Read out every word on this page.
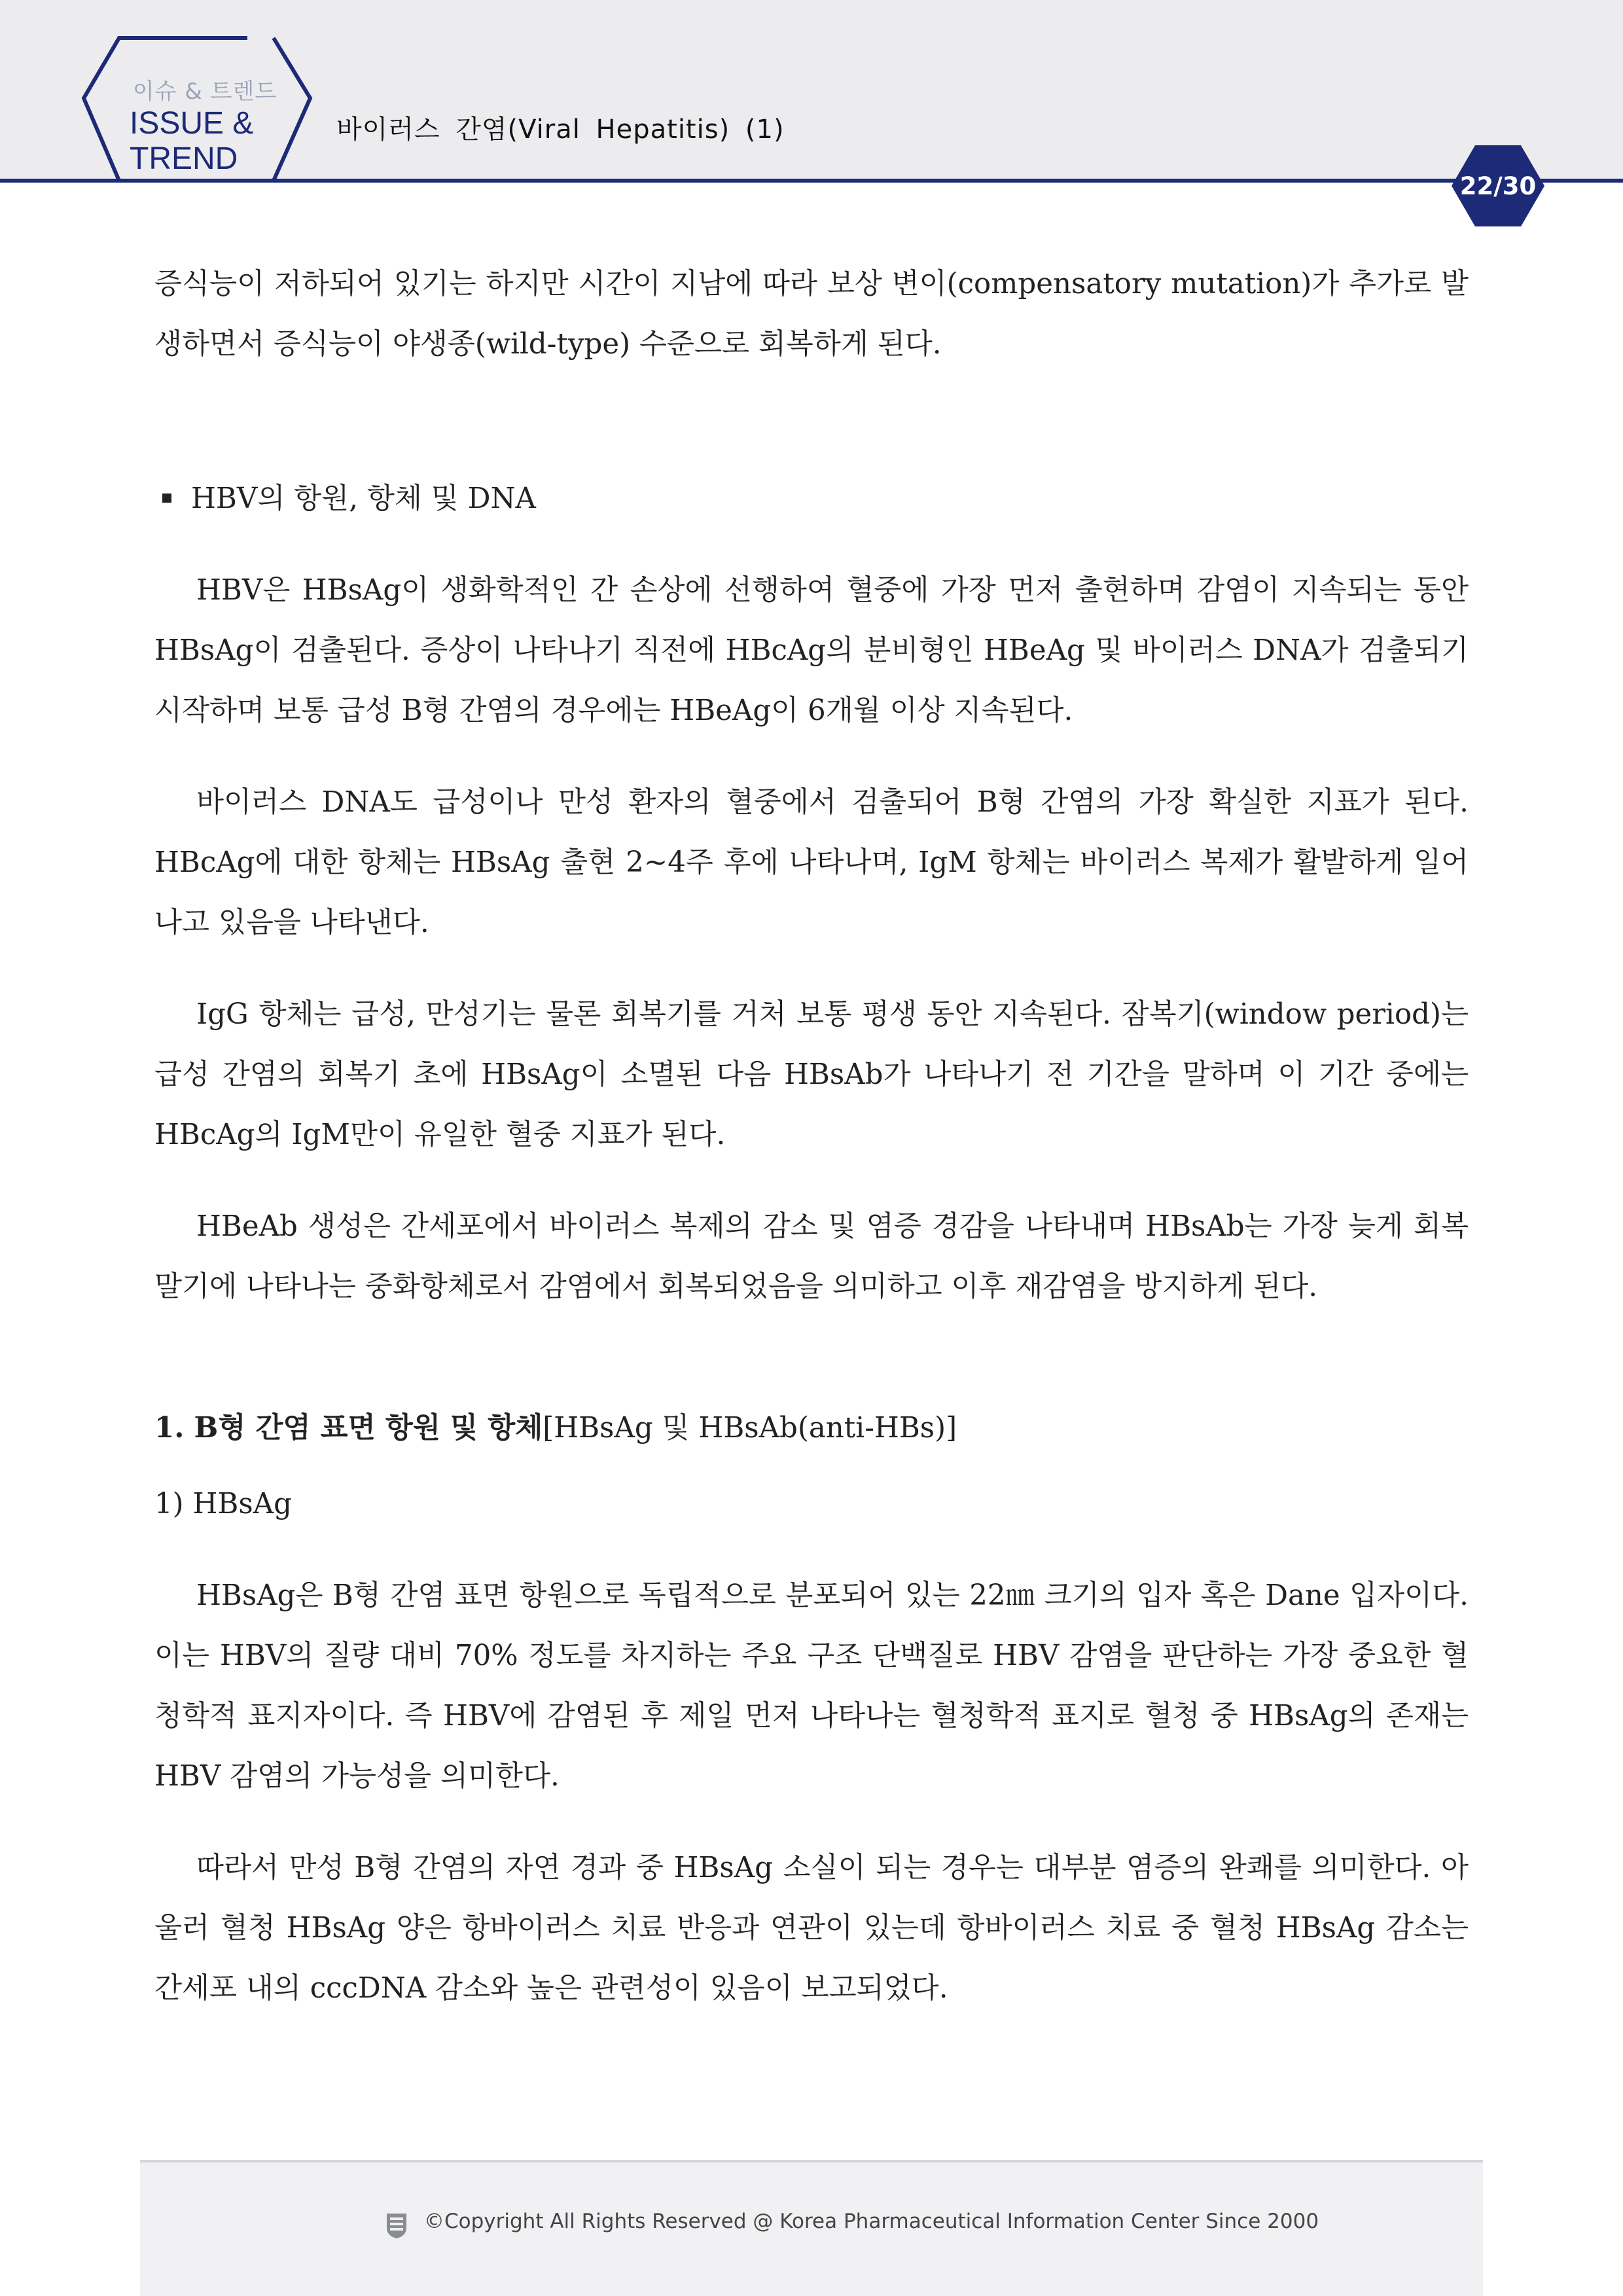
이슈 & 트렌드
ISSUE &
TREND
바이러스 간염(Viral Hepatitis) (1)
22/30

증식능이 저하되어 있기는 하지만 시간이 지남에 따라 보상 변이(compensatory mutation)가 추가로 발생하면서 증식능이 야생종(wild-type) 수준으로 회복하게 된다.

HBV의 항원, 항체 및 DNA

HBV은 HBsAg이 생화학적인 간 손상에 선행하여 혈중에 가장 먼저 출현하며 감염이 지속되는 동안 HBsAg이 검출된다. 증상이 나타나기 직전에 HBcAg의 분비형인 HBeAg 및 바이러스 DNA가 검출되기 시작하며 보통 급성 B형 간염의 경우에는 HBeAg이 6개월 이상 지속된다.

바이러스 DNA도 급성이나 만성 환자의 혈중에서 검출되어 B형 간염의 가장 확실한 지표가 된다. HBcAg에 대한 항체는 HBsAg 출현 2~4주 후에 나타나며, IgM 항체는 바이러스 복제가 활발하게 일어나고 있음을 나타낸다.

IgG 항체는 급성, 만성기는 물론 회복기를 거처 보통 평생 동안 지속된다. 잠복기(window period)는 급성 간염의 회복기 초에 HBsAg이 소멸된 다음 HBsAb가 나타나기 전 기간을 말하며 이 기간 중에는 HBcAg의 IgM만이 유일한 혈중 지표가 된다.

HBeAb 생성은 간세포에서 바이러스 복제의 감소 및 염증 경감을 나타내며 HBsAb는 가장 늦게 회복 말기에 나타나는 중화항체로서 감염에서 회복되었음을 의미하고 이후 재감염을 방지하게 된다.

1. B형 간염 표면 항원 및 항체[HBsAg 및 HBsAb(anti-HBs)]

1) HBsAg

HBsAg은 B형 간염 표면 항원으로 독립적으로 분포되어 있는 22㎚ 크기의 입자 혹은 Dane 입자이다. 이는 HBV의 질량 대비 70% 정도를 차지하는 주요 구조 단백질로 HBV 감염을 판단하는 가장 중요한 혈청학적 표지자이다. 즉 HBV에 감염된 후 제일 먼저 나타나는 혈청학적 표지로 혈청 중 HBsAg의 존재는 HBV 감염의 가능성을 의미한다.

따라서 만성 B형 간염의 자연 경과 중 HBsAg 소실이 되는 경우는 대부분 염증의 완쾌를 의미한다. 아울러 혈청 HBsAg 양은 항바이러스 치료 반응과 연관이 있는데 항바이러스 치료 중 혈청 HBsAg 감소는 간세포 내의 cccDNA 감소와 높은 관련성이 있음이 보고되었다.

©Copyright All Rights Reserved @ Korea Pharmaceutical Information Center Since 2000
